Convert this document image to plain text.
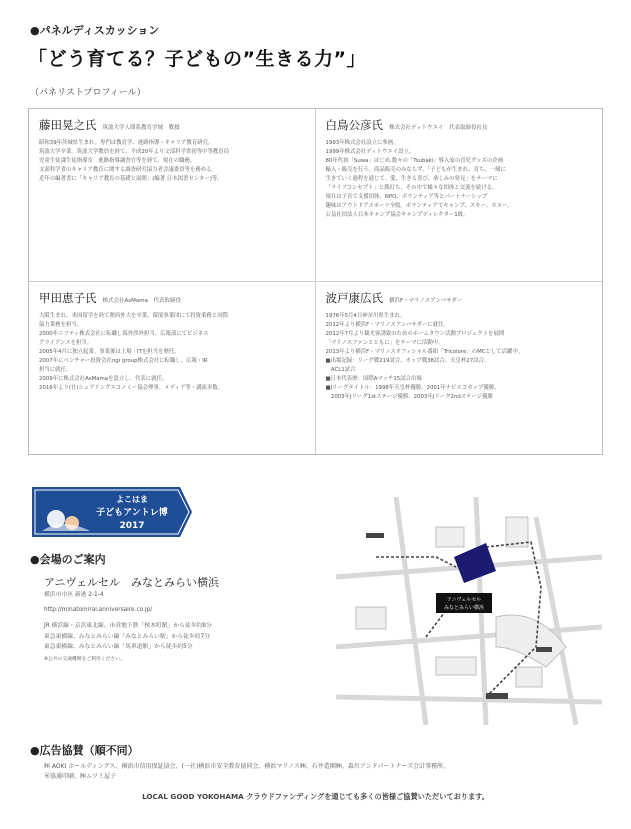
●パネルディスカッション
「どう育てる？子どもの”生きる力”」
（パネリストプロフィール）
藤田晃之氏 筑波大学人間系教育学域　教授
昭和39年茨城県生まれ。専門は教育学、進路指導・キャリア教育研究。
筑波大学卒業。筑波大学教員を経て、平成20年より文部科学省初等中等教育局
児童生徒課生徒指導室　進路指導調査官等を経て、現在の職務。
文部科学省のキャリア教育に関する調査研究協力者会議委員等を務める。
近年の編著書に「キャリア教育の基礎と展開」(編著 日本図書センター)等。
白鳥公彦氏 株式会社ディトウエイ　代表取締役社長
1993年株式会社設立に参画。
1999年株式会社ディトウエイ設立。
80年代初「Suwa」はじめ,数々の「Tsubaki」導入家の育児グッズの企画
輸入・販売を行う。商品販売のみならず、「子どもが生まれ、育ち、一緒に
生きていく過程を通じて、愛、生きる喜び、楽しみの発見」をテーマに
「ライフコンセプト」と銘打ち、その中で様々な団体と交流を続ける。
現在は子育て支援団体、NPO、ボランティア等とパートナーシップ
趣味はアウトドアスポーツ全般。ボランティアでキャンプ、スキー、カヌー。
公益社団法人日本キャンプ協会キャンプディレクター1級。
甲田恵子氏 株式会社AsMama　代表取締役
大阪生まれ。米国留学を経て関西外大を卒業。環境事業団にて投資業務と国際
協力業務を担当。
2000年ニフティ株式会社に転職し海外渉外担当、広報部にてビジネス
アライアンスを担当。
2005年4月に独立起業。事業後は上場・ITを担当を歴任。
2007年にベンチャー投資会社ngi group株式会社に転職し、広報・IR
担当に就任。
2009年に株式会社AsMamaを設立し、代表に就任。
2016年より(社)シェアリングエコノミー協会理事。メディア等・講演多数。
波戸康広氏 横浜F・マリノスアンバサダー
1976年5月4日神奈川県生まれ。
2012年より横浜F・マリノスアンバサダーに就任。
2012年7月より観光客誘致のためのホームタウン活動プロジェクトを展開
「マリノスファンとともに」をテーマに活動中。
2013年より横浜F・マリノスオフィシャル番組「Tricolore」のMCとして活躍中。
■出場記録：リーグ戦219試合、カップ戦38試合、天皇杯27試合、
　ACL1試合
■日本代表歴：国際Aマッチ15試合出場
■Jリーグタイトル：1998年天皇杯優勝、2001年ナビスコカップ優勝、
　2003年Jリーグ1stステージ優勝、2003年Jリーグ2ndステージ優勝
よこはま
子どもアントレ博
2017
●会場のご案内
アニヴェルセル　みなとみらい横浜
横浜市中区 新港 2-1-4
http://minatomirai.anniversaire.co.jp/
JR 横浜線・京浜東北線、市営地下鉄「桜木町駅」から徒歩約8分
東急東横線、みなとみらい線「みなとみらい駅」から徒歩約7分
東急東横線、みなとみらい線「馬車道駅」から徒歩約5分
※公共の交通機関をご利用ください。
アニヴェルセル
みなとみらい横浜
●広告協賛（順不同）
㈱ AOKI ホールディングス、横浜市信用保証協会、(一社)横浜市安全教育協同会、横浜マリノス㈱、石井造園㈱、森川アンドパートナーズ会計事務所、
米協通印刷、㈱ムツミ屋子
LOCAL GOOD YOKOHAMA クラウドファンディングを通じても多くの皆様ご協賛いただいております。
